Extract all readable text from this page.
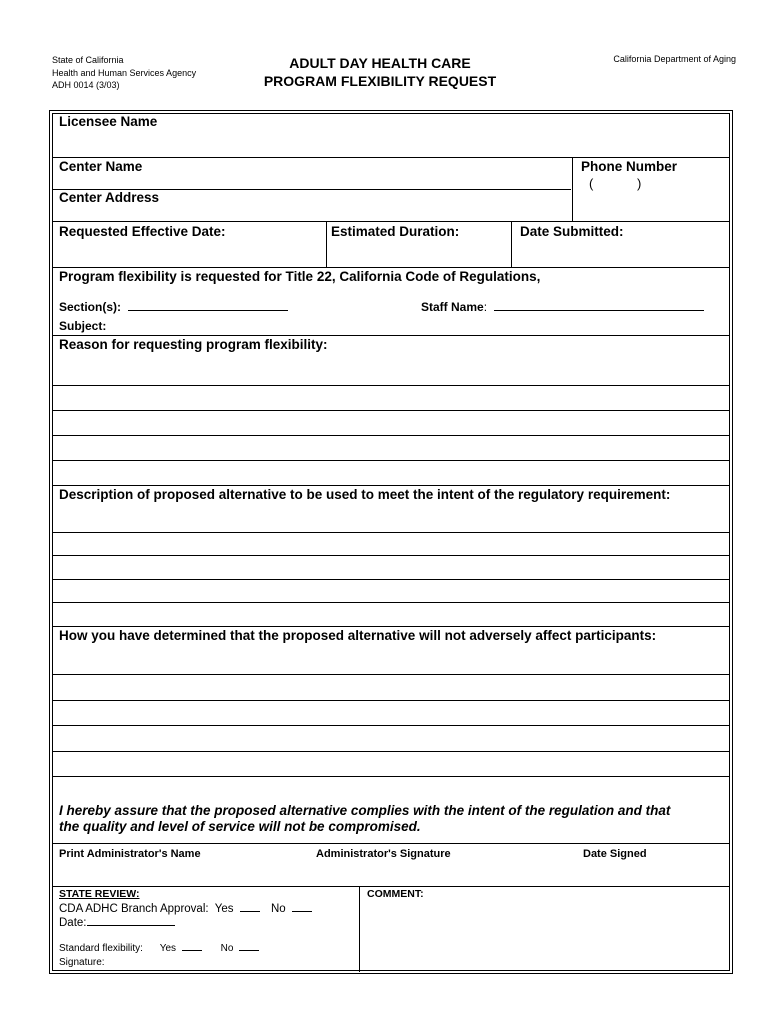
State of California
Health and Human Services Agency
ADH 0014 (3/03)
ADULT DAY HEALTH CARE
PROGRAM FLEXIBILITY REQUEST
California Department of Aging
Licensee Name
Center Name	Phone Number
(	)
Center Address
Requested Effective Date:	Estimated Duration:	Date Submitted:
Program flexibility is requested for Title 22, California Code of Regulations,
Section(s):	Staff Name:
Subject:
Reason for requesting program flexibility:
Description of proposed alternative to be used to meet the intent of the regulatory requirement:
How you have determined that the proposed alternative will not adversely affect participants:
I hereby assure that the proposed alternative complies with the intent of the regulation and that
the quality and level of service will not be compromised.
Print Administrator's Name	Administrator's Signature	Date Signed
STATE REVIEW:
CDA ADHC Branch Approval: Yes	No
Date:
Standard flexibility: Yes	No
Signature:
COMMENT:
